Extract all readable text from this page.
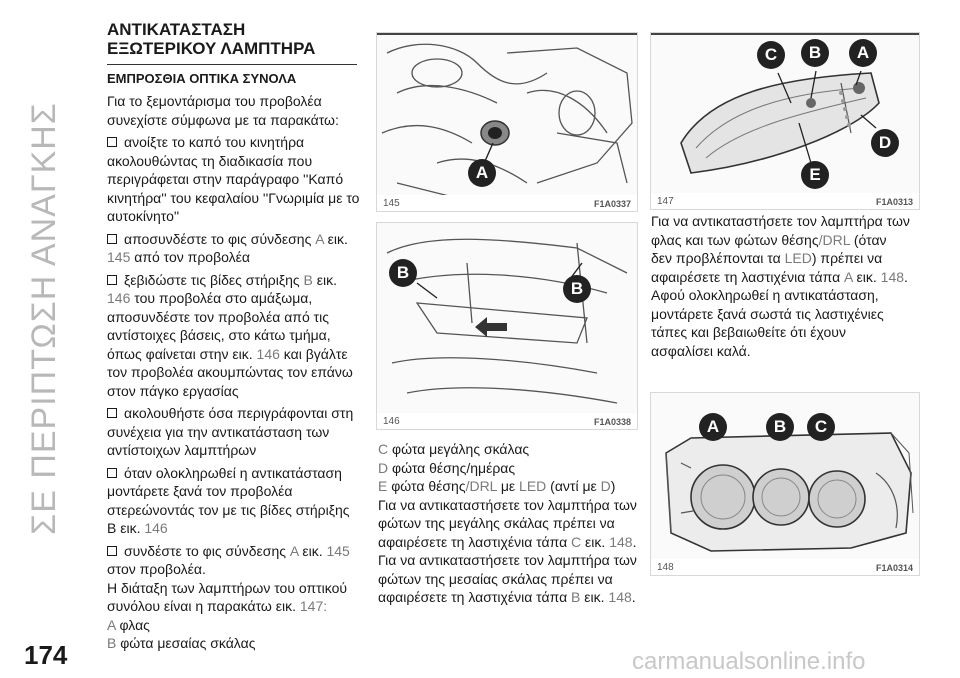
ΣΕ ΠΕΡΙΠΤΩΣΗ ΑΝΑΓΚΗΣ
ΑΝΤΙΚΑΤΑΣΤΑΣΗ
ΕΞΩΤΕΡΙΚΟΥ ΛΑΜΠΤΗΡΑ
ΕΜΠΡΟΣΘΙΑ ΟΠΤΙΚΑ ΣΥΝΟΛΑ

Για το ξεμοντάρισμα του προβολέα συνεχίστε σύμφωνα με τα παρακάτω:

ανοίξτε το καπό του κινητήρα ακολουθώντας τη διαδικασία που περιγράφεται στην παράγραφο ''Καπό κινητήρα'' του κεφαλαίου ''Γνωριμία με το αυτοκίνητο''
αποσυνδέστε το φις σύνδεσης A εικ. 145 από τον προβολέα
ξεβιδώστε τις βίδες στήριξης B εικ. 146 του προβολέα στο αμάξωμα, αποσυνδέστε τον προβολέα από τις αντίστοιχες βάσεις, στο κάτω τμήμα, όπως φαίνεται στην εικ. 146 και βγάλτε τον προβολέα ακουμπώντας τον επάνω στον πάγκο εργασίας
ακολουθήστε όσα περιγράφονται στη συνέχεια για την αντικατάσταση των αντίστοιχων λαμπτήρων
όταν ολοκληρωθεί η αντικατάσταση μοντάρετε ξανά τον προβολέα στερεώνοντάς τον με τις βίδες στήριξης B εικ. 146
συνδέστε το φις σύνδεσης A εικ. 145 στον προβολέα.

Η διάταξη των λαμπτήρων του οπτικού συνόλου είναι η παρακάτω εικ. 147:
A φλας
B φώτα μεσαίας σκάλας

174
A
145	F1A0337
B
B
146	F1A0338

C φώτα μεγάλης σκάλας
D φώτα θέσης/ημέρας
E φώτα θέσης/DRL με LED (αντί με D)

Για να αντικαταστήσετε τον λαμπτήρα των φώτων της μεγάλης σκάλας πρέπει να αφαιρέσετε τη λαστιχένια τάπα C εικ. 148.

Για να αντικαταστήσετε τον λαμπτήρα των φώτων της μεσαίας σκάλας πρέπει να αφαιρέσετε τη λαστιχένια τάπα B εικ. 148.

C	B	A
D
E
147	F1A0313

Για να αντικαταστήσετε τον λαμπτήρα των φλας και των φώτων θέσης/DRL (όταν δεν προβλέπονται τα LED) πρέπει να αφαιρέσετε τη λαστιχένια τάπα A εικ. 148.

Αφού ολοκληρωθεί η αντικατάσταση, μοντάρετε ξανά σωστά τις λαστιχένιες τάπες και βεβαιωθείτε ότι έχουν ασφαλίσει καλά.

A	B	C
148	F1A0314
carmanualsonline.info
